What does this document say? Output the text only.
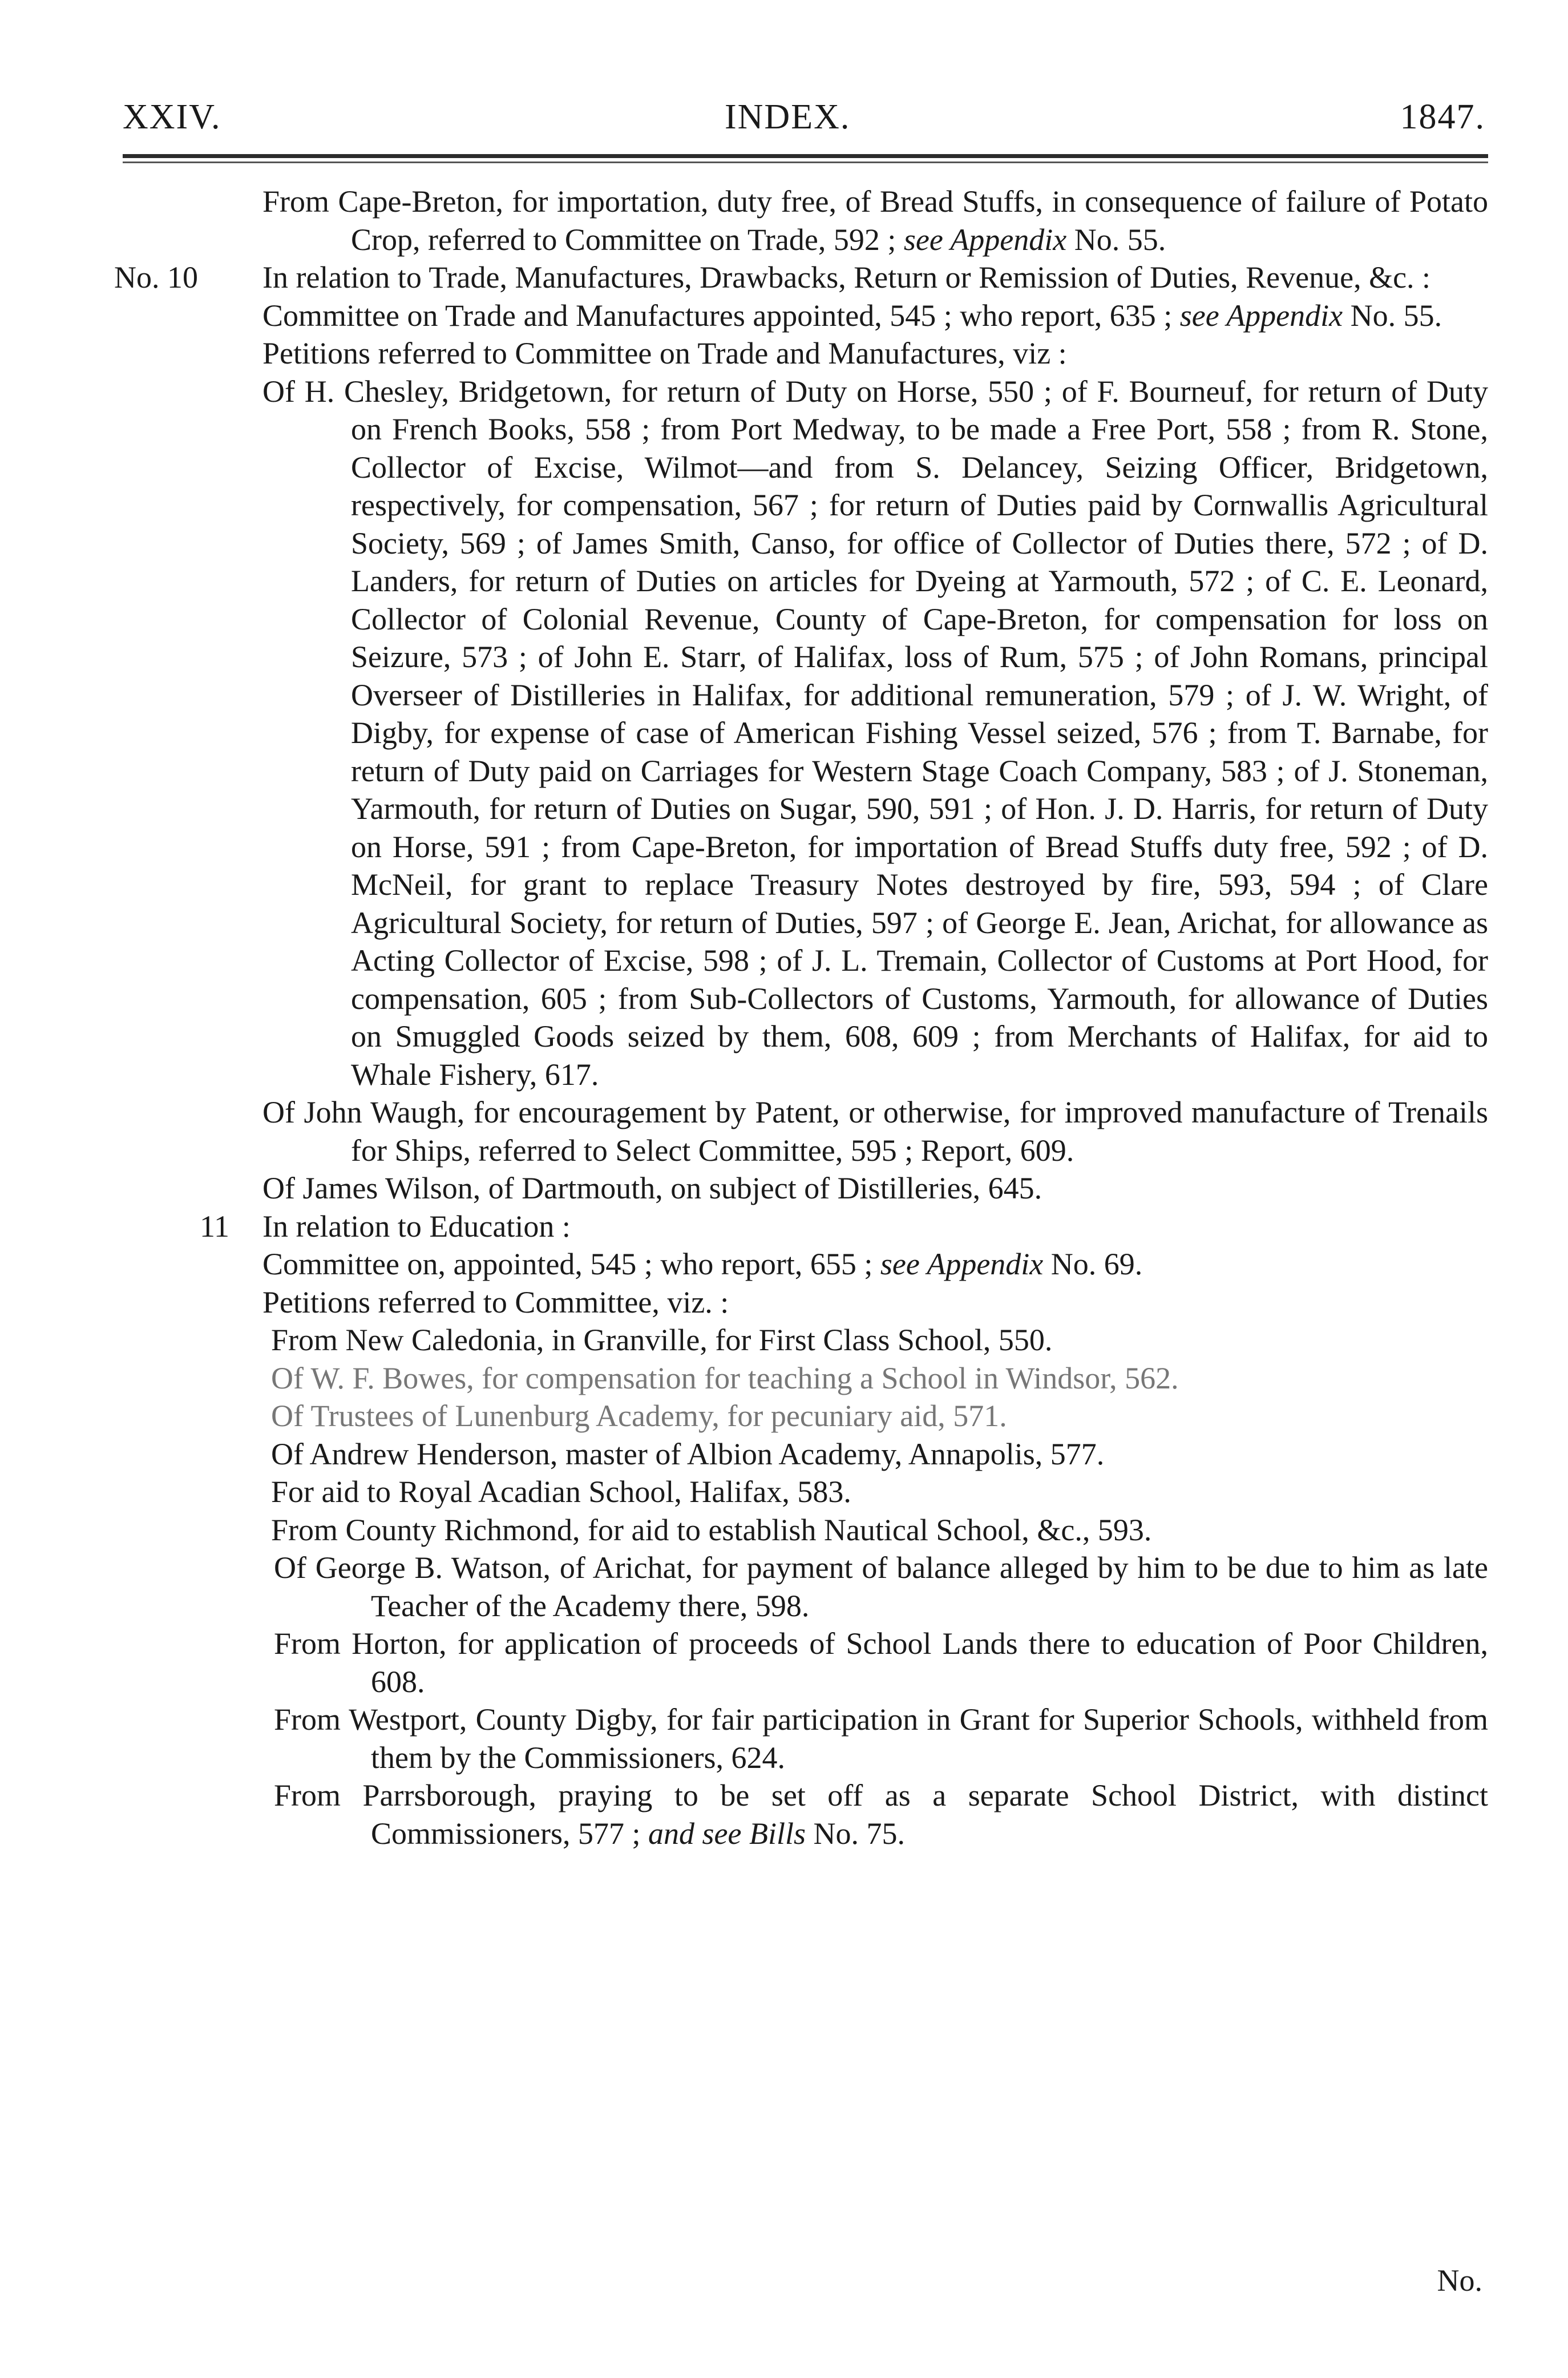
XXIV.	INDEX.	1847.
From Cape-Breton, for importation, duty free, of Bread Stuffs, in consequence of failure of Potato Crop, referred to Committee on Trade, 592 ; see Appendix No. 55.
No. 10	In relation to Trade, Manufactures, Drawbacks, Return or Remission of Duties, Revenue, &c. :
Committee on Trade and Manufactures appointed, 545 ; who report, 635 ; see Appendix No. 55.
Petitions referred to Committee on Trade and Manufactures, viz :
Of H. Chesley, Bridgetown, for return of Duty on Horse, 550 ; of F. Bourneuf, for return of Duty on French Books, 558 ; from Port Medway, to be made a Free Port, 558 ; from R. Stone, Collector of Excise, Wilmot—and from S. Delancey, Seizing Officer, Bridgetown, respectively, for compensation, 567 ; for return of Duties paid by Cornwallis Agricultural Society, 569 ; of James Smith, Canso, for office of Collector of Duties there, 572 ; of D. Landers, for return of Duties on articles for Dyeing at Yarmouth, 572 ; of C. E. Leonard, Collector of Colonial Revenue, County of Cape-Breton, for compensation for loss on Seizure, 573 ; of John E. Starr, of Halifax, loss of Rum, 575 ; of John Romans, principal Overseer of Distilleries in Halifax, for additional remuneration, 579 ; of J. W. Wright, of Digby, for expense of case of American Fishing Vessel seized, 576 ; from T. Barnabe, for return of Duty paid on Carriages for Western Stage Coach Company, 583 ; of J. Stoneman, Yarmouth, for return of Duties on Sugar, 590, 591 ; of Hon. J. D. Harris, for return of Duty on Horse, 591 ; from Cape-Breton, for importation of Bread Stuffs duty free, 592 ; of D. McNeil, for grant to replace Treasury Notes destroyed by fire, 593, 594 ; of Clare Agricultural Society, for return of Duties, 597 ; of George E. Jean, Arichat, for allowance as Acting Collector of Excise, 598 ; of J. L. Tremain, Collector of Customs at Port Hood, for compensation, 605 ; from Sub-Collectors of Customs, Yarmouth, for allowance of Duties on Smuggled Goods seized by them, 608, 609 ; from Merchants of Halifax, for aid to Whale Fishery, 617.
Of John Waugh, for encouragement by Patent, or otherwise, for improved manufacture of Trenails for Ships, referred to Select Committee, 595 ; Report, 609.
Of James Wilson, of Dartmouth, on subject of Distilleries, 645.
11	In relation to Education :
Committee on, appointed, 545 ; who report, 655 ; see Appendix No. 69.
Petitions referred to Committee, viz. :
From New Caledonia, in Granville, for First Class School, 550.
Of W. F. Bowes, for compensation for teaching a School in Windsor, 562.
Of Trustees of Lunenburg Academy, for pecuniary aid, 571.
Of Andrew Henderson, master of Albion Academy, Annapolis, 577.
For aid to Royal Acadian School, Halifax, 583.
From County Richmond, for aid to establish Nautical School, &c., 593.
Of George B. Watson, of Arichat, for payment of balance alleged by him to be due to him as late Teacher of the Academy there, 598.
From Horton, for application of proceeds of School Lands there to education of Poor Children, 608.
From Westport, County Digby, for fair participation in Grant for Superior Schools, withheld from them by the Commissioners, 624.
From Parrsborough, praying to be set off as a separate School District, with distinct Commissioners, 577 ; and see Bills No. 75.
No.
